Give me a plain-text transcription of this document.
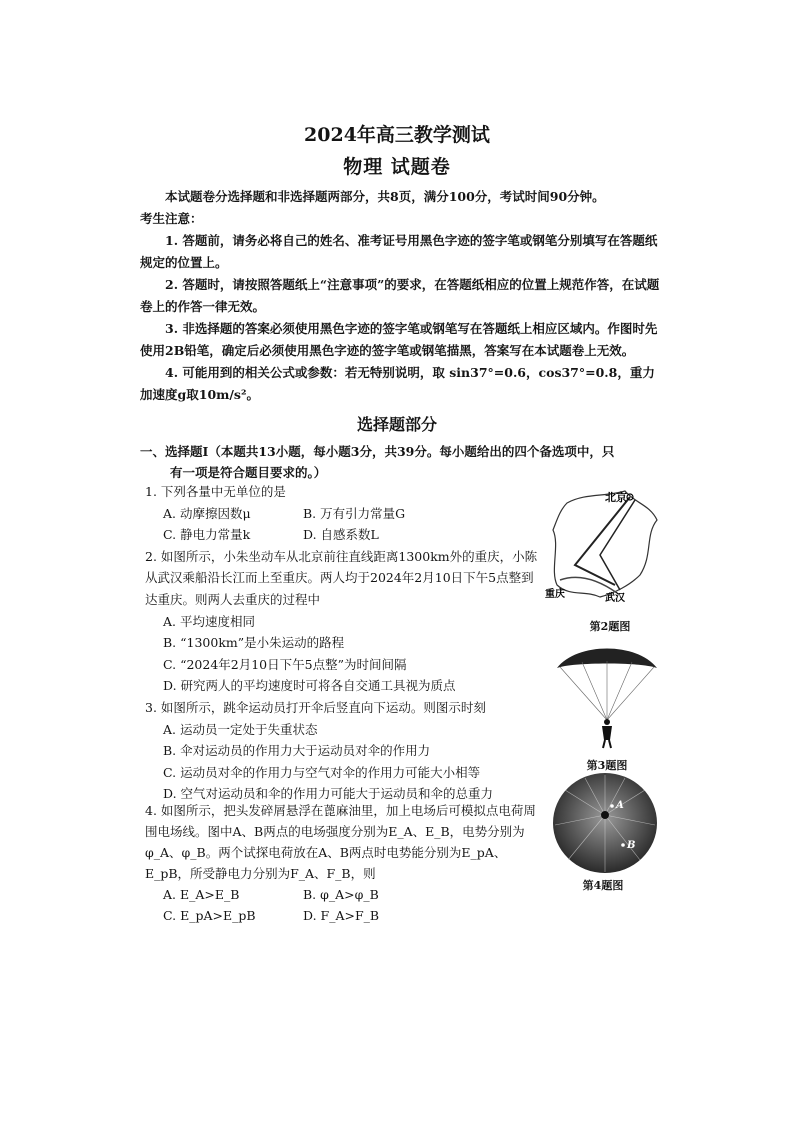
2024年高三教学测试
物理 试题卷

本试题卷分选择题和非选择题两部分，共8页，满分100分，考试时间90分钟。

考生注意：

1. 答题前，请务必将自己的姓名、准考证号用黑色字迹的签字笔或钢笔分别填写在答题纸规定的位置上。

2. 答题时，请按照答题纸上“注意事项”的要求，在答题纸相应的位置上规范作答，在试题卷上的作答一律无效。

3. 非选择题的答案必须使用黑色字迹的签字笔或钢笔写在答题纸上相应区域内。作图时先使用2B铅笔，确定后必须使用黑色字迹的签字笔或钢笔描黑，答案写在本试题卷上无效。

4. 可能用到的相关公式或参数：若无特别说明，取 sin37°=0.6，cos37°=0.8，重力加速度g取10m/s²。

选择题部分
一、选择题Ⅰ（本题共13小题，每小题3分，共39分。每小题给出的四个备选项中，只
有一项是符合题目要求的。）

1. 下列各量中无单位的是

A. 动摩擦因数μ	B. 万有引力常量G
C. 静电力常量k	D. 自感系数L

2. 如图所示，小朱坐动车从北京前往直线距离1300km外的重庆，小陈从武汉乘船沿长江而上至重庆。两人均于2024年2月10日下午5点整到达重庆。则两人去重庆的过程中

A. 平均速度相同

B. “1300km”是小朱运动的路程

C. “2024年2月10日下午5点整”为时间间隔

D. 研究两人的平均速度时可将各自交通工具视为质点

3. 如图所示，跳伞运动员打开伞后竖直向下运动。则图示时刻

A. 运动员一定处于失重状态

B. 伞对运动员的作用力大于运动员对伞的作用力

C. 运动员对伞的作用力与空气对伞的作用力可能大小相等

D. 空气对运动员和伞的作用力可能大于运动员和伞的总重力

4. 如图所示，把头发碎屑悬浮在蓖麻油里，加上电场后可模拟点电荷周围电场线。图中A、B两点的电场强度分别为E_A、E_B，电势分别为φ_A、φ_B。两个试探电荷放在A、B两点时电势能分别为E_pA、E_pB，所受静电力分别为F_A、F_B，则

A. E_A>E_B	B. φ_A>φ_B
C. E_pA>E_pB	D. F_A>F_B
北京
重庆	武汉
第2题图
第3题图
A
B
第4题图
